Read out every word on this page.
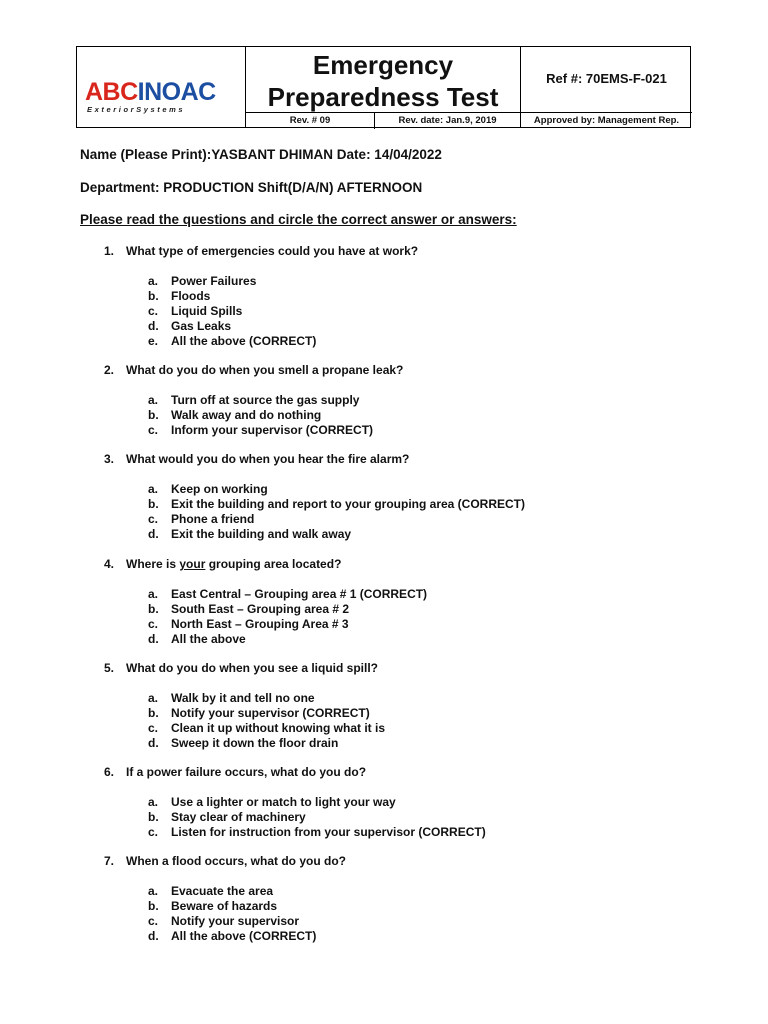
ABCINOAC
ExteriorSystems
Emergency
Preparedness Test
Ref #: 70EMS-F-021
Rev. # 09	Rev. date: Jan.9, 2019	Approved by: Management Rep.
Name (Please Print):YASBANT DHIMAN Date: 14/04/2022
Department: PRODUCTION Shift(D/A/N) AFTERNOON
Please read the questions and circle the correct answer or answers:
1. What type of emergencies could you have at work?
a. Power Failures
b. Floods
c. Liquid Spills
d. Gas Leaks
e. All the above (CORRECT)
2. What do you do when you smell a propane leak?
a. Turn off at source the gas supply
b. Walk away and do nothing
c. Inform your supervisor (CORRECT)
3. What would you do when you hear the fire alarm?
a. Keep on working
b. Exit the building and report to your grouping area (CORRECT)
c. Phone a friend
d. Exit the building and walk away
4. Where is your grouping area located?
a. East Central – Grouping area # 1 (CORRECT)
b. South East – Grouping area # 2
c. North East – Grouping Area # 3
d. All the above
5. What do you do when you see a liquid spill?
a. Walk by it and tell no one
b. Notify your supervisor (CORRECT)
c. Clean it up without knowing what it is
d. Sweep it down the floor drain
6. If a power failure occurs, what do you do?
a. Use a lighter or match to light your way
b. Stay clear of machinery
c. Listen for instruction from your supervisor (CORRECT)
7. When a flood occurs, what do you do?
a. Evacuate the area
b. Beware of hazards
c. Notify your supervisor
d. All the above (CORRECT)
